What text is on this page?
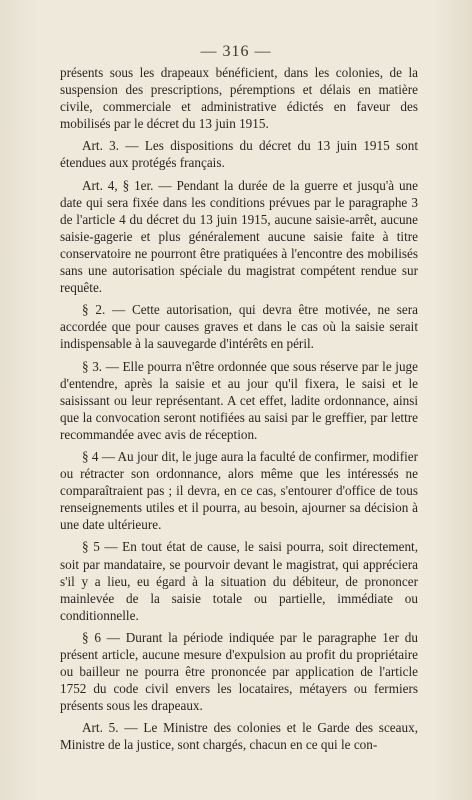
— 316 —

présents sous les drapeaux bénéficient, dans les colonies, de la suspension des prescriptions, péremptions et délais en matière civile, commerciale et administrative édictés en faveur des mobilisés par le décret du 13 juin 1915.

Art. 3. — Les dispositions du décret du 13 juin 1915 sont étendues aux protégés français.

Art. 4, § 1er. — Pendant la durée de la guerre et jusqu'à une date qui sera fixée dans les conditions prévues par le paragraphe 3 de l'article 4 du décret du 13 juin 1915, aucune saisie-arrêt, aucune saisie-gagerie et plus généralement aucune saisie faite à titre conservatoire ne pourront être pratiquées à l'encontre des mobilisés sans une autorisation spéciale du magistrat compétent rendue sur requête.

§ 2. — Cette autorisation, qui devra être motivée, ne sera accordée que pour causes graves et dans le cas où la saisie serait indispensable à la sauvegarde d'intérêts en péril.

§ 3. — Elle pourra n'être ordonnée que sous réserve par le juge d'entendre, après la saisie et au jour qu'il fixera, le saisi et le saisissant ou leur représentant. A cet effet, ladite ordonnance, ainsi que la convocation seront notifiées au saisi par le greffier, par lettre recommandée avec avis de réception.

§ 4 — Au jour dit, le juge aura la faculté de confirmer, modifier ou rétracter son ordonnance, alors même que les intéressés ne comparaîtraient pas ; il devra, en ce cas, s'entourer d'office de tous renseignements utiles et il pourra, au besoin, ajourner sa décision à une date ultérieure.

§ 5 — En tout état de cause, le saisi pourra, soit directement, soit par mandataire, se pourvoir devant le magistrat, qui appréciera s'il y a lieu, eu égard à la situation du débiteur, de prononcer mainlevée de la saisie totale ou partielle, immédiate ou conditionnelle.

§ 6 — Durant la période indiquée par le paragraphe 1er du présent article, aucune mesure d'expulsion au profit du propriétaire ou bailleur ne pourra être prononcée par application de l'article 1752 du code civil envers les locataires, métayers ou fermiers présents sous les drapeaux.

Art. 5. — Le Ministre des colonies et le Garde des sceaux, Ministre de la justice, sont chargés, chacun en ce qui le con-
